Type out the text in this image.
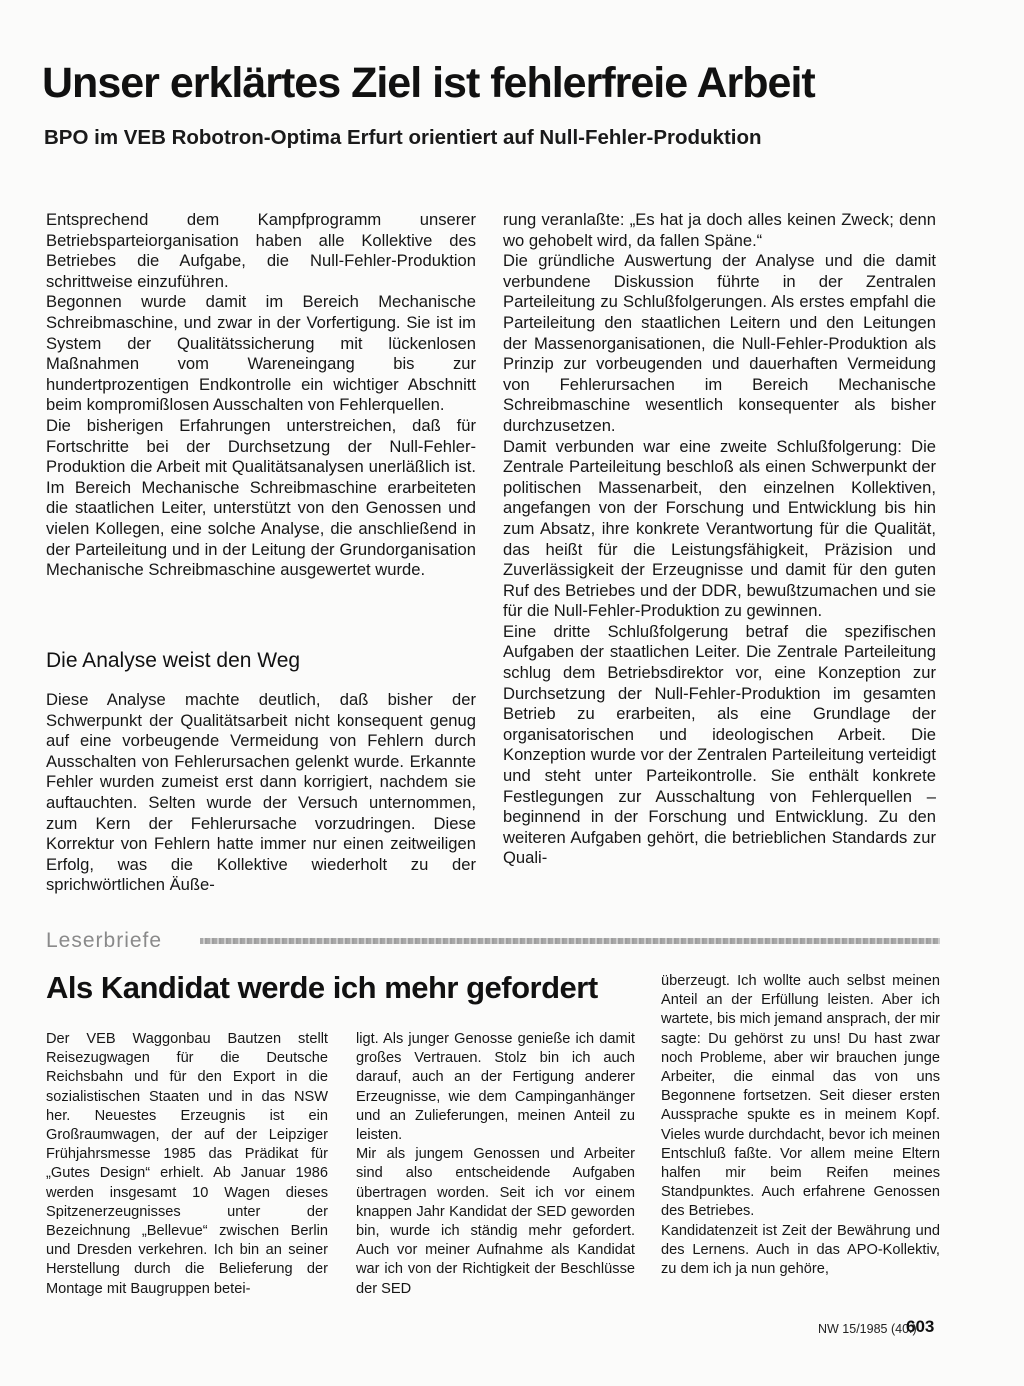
Unser erklärtes Ziel ist fehlerfreie Arbeit
BPO im VEB Robotron-Optima Erfurt orientiert auf Null-Fehler-Produktion

Entsprechend dem Kampfprogramm unserer Betriebsparteiorganisation haben alle Kollektive des Betriebes die Aufgabe, die Null-Fehler-Produktion schrittweise einzuführen.

Begonnen wurde damit im Bereich Mechanische Schreibmaschine, und zwar in der Vorfertigung. Sie ist im System der Qualitätssicherung mit lückenlosen Maßnahmen vom Wareneingang bis zur hundertprozentigen Endkontrolle ein wichtiger Abschnitt beim kompromißlosen Ausschalten von Fehlerquellen.

Die bisherigen Erfahrungen unterstreichen, daß für Fortschritte bei der Durchsetzung der Null-Fehler-Produktion die Arbeit mit Qualitätsanalysen unerläßlich ist. Im Bereich Mechanische Schreibmaschine erarbeiteten die staatlichen Leiter, unterstützt von den Genossen und vielen Kollegen, eine solche Analyse, die anschließend in der Parteileitung und in der Leitung der Grundorganisation Mechanische Schreibmaschine ausgewertet wurde.

Die Analyse weist den Weg

Diese Analyse machte deutlich, daß bisher der Schwerpunkt der Qualitätsarbeit nicht konsequent genug auf eine vorbeugende Vermeidung von Fehlern durch Ausschalten von Fehlerursachen gelenkt wurde. Erkannte Fehler wurden zumeist erst dann korrigiert, nachdem sie auftauchten. Selten wurde der Versuch unternommen, zum Kern der Fehlerursache vorzudringen. Diese Korrektur von Fehlern hatte immer nur einen zeitweiligen Erfolg, was die Kollektive wiederholt zu der sprichwörtlichen Äuße-

rung veranlaßte: „Es hat ja doch alles keinen Zweck; denn wo gehobelt wird, da fallen Späne.“

Die gründliche Auswertung der Analyse und die damit verbundene Diskussion führte in der Zentralen Parteileitung zu Schlußfolgerungen. Als erstes empfahl die Parteileitung den staatlichen Leitern und den Leitungen der Massenorganisationen, die Null-Fehler-Produktion als Prinzip zur vorbeugenden und dauerhaften Vermeidung von Fehlerursachen im Bereich Mechanische Schreibmaschine wesentlich konsequenter als bisher durchzusetzen.

Damit verbunden war eine zweite Schlußfolgerung: Die Zentrale Parteileitung beschloß als einen Schwerpunkt der politischen Massenarbeit, den einzelnen Kollektiven, angefangen von der Forschung und Entwicklung bis hin zum Absatz, ihre konkrete Verantwortung für die Qualität, das heißt für die Leistungsfähigkeit, Präzision und Zuverlässigkeit der Erzeugnisse und damit für den guten Ruf des Betriebes und der DDR, bewußtzumachen und sie für die Null-Fehler-Produktion zu gewinnen.

Eine dritte Schlußfolgerung betraf die spezifischen Aufgaben der staatlichen Leiter. Die Zentrale Parteileitung schlug dem Betriebsdirektor vor, eine Konzeption zur Durchsetzung der Null-Fehler-Produktion im gesamten Betrieb zu erarbeiten, als eine Grundlage der organisatorischen und ideologischen Arbeit. Die Konzeption wurde vor der Zentralen Parteileitung verteidigt und steht unter Parteikontrolle. Sie enthält konkrete Festlegungen zur Ausschaltung von Fehlerquellen – beginnend in der Forschung und Entwicklung. Zu den weiteren Aufgaben gehört, die betrieblichen Standards zur Quali-

Leserbriefe
Als Kandidat werde ich mehr gefordert

Der VEB Waggonbau Bautzen stellt Reisezugwagen für die Deutsche Reichsbahn und für den Export in die sozialistischen Staaten und in das NSW her. Neuestes Erzeugnis ist ein Großraumwagen, der auf der Leipziger Frühjahrsmesse 1985 das Prädikat für „Gutes Design“ erhielt. Ab Januar 1986 werden insgesamt 10 Wagen dieses Spitzenerzeugnisses unter der Bezeichnung „Bellevue“ zwischen Berlin und Dresden verkehren. Ich bin an seiner Herstellung durch die Belieferung der Montage mit Baugruppen betei-

ligt. Als junger Genosse genieße ich damit großes Vertrauen. Stolz bin ich auch darauf, auch an der Fertigung anderer Erzeugnisse, wie dem Campinganhänger und an Zulieferungen, meinen Anteil zu leisten.

Mir als jungem Genossen und Arbeiter sind also entscheidende Aufgaben übertragen worden. Seit ich vor einem knappen Jahr Kandidat der SED geworden bin, wurde ich ständig mehr gefordert. Auch vor meiner Aufnahme als Kandidat war ich von der Richtigkeit der Beschlüsse der SED

überzeugt. Ich wollte auch selbst meinen Anteil an der Erfüllung leisten. Aber ich wartete, bis mich jemand ansprach, der mir sagte: Du gehörst zu uns! Du hast zwar noch Probleme, aber wir brauchen junge Arbeiter, die einmal das von uns Begonnene fortsetzen. Seit dieser ersten Aussprache spukte es in meinem Kopf. Vieles wurde durchdacht, bevor ich meinen Entschluß faßte. Vor allem meine Eltern halfen mir beim Reifen meines Standpunktes. Auch erfahrene Genossen des Betriebes.

Kandidatenzeit ist Zeit der Bewährung und des Lernens. Auch in das APO-Kollektiv, zu dem ich ja nun gehöre,

NW 15/1985 (40.)
603
